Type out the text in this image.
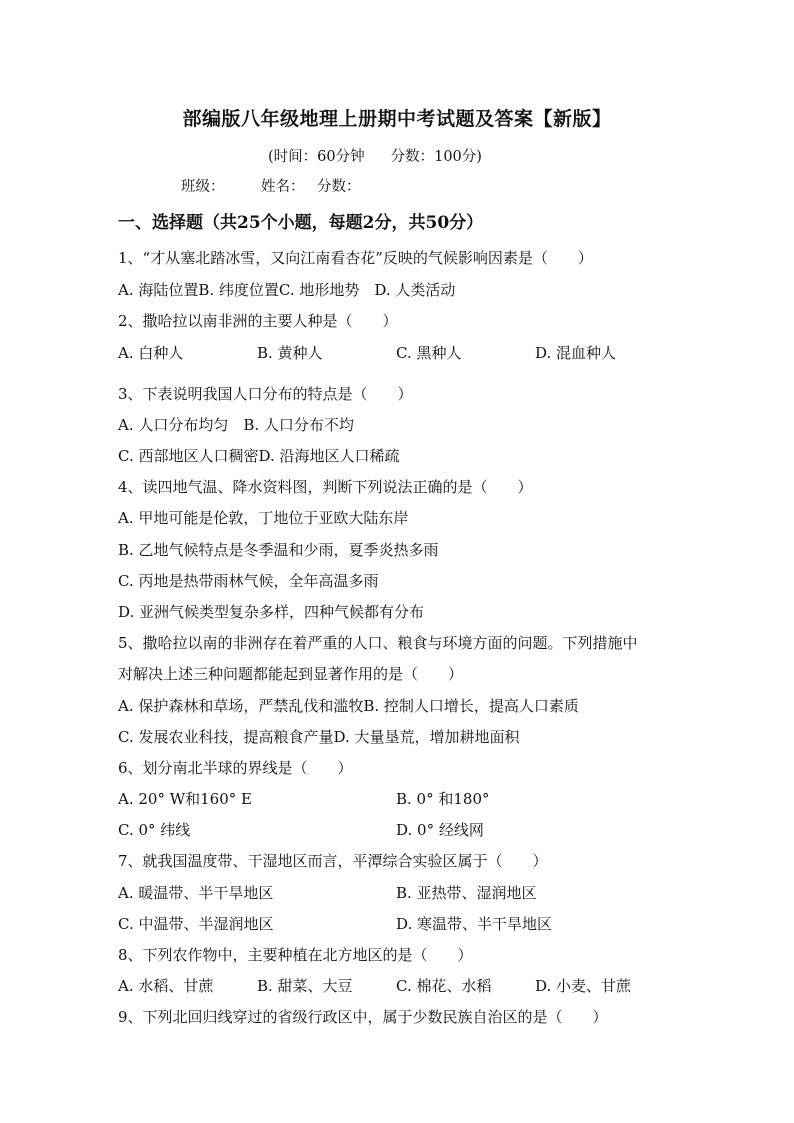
部编版八年级地理上册期中考试题及答案【新版】
(时间：60分钟 分数：100分)
班级：	姓名： 分数：
一、选择题（共25个小题，每题2分，共50分）
1、“才从塞北踏冰雪，又向江南看杏花”反映的气候影响因素是（　　）
A. 海陆位置B. 纬度位置C. 地形地势　D. 人类活动
2、撒哈拉以南非洲的主要人种是（　　）
A. 白种人	B. 黄种人	C. 黑种人	D. 混血种人
3、下表说明我国人口分布的特点是（　　）
A. 人口分布均匀　B. 人口分布不均
C. 西部地区人口稠密D. 沿海地区人口稀疏
4、读四地气温、降水资料图，判断下列说法正确的是（　　）
A. 甲地可能是伦敦，丁地位于亚欧大陆东岸
B. 乙地气候特点是冬季温和少雨，夏季炎热多雨
C. 丙地是热带雨林气候，全年高温多雨
D. 亚洲气候类型复杂多样，四种气候都有分布
5、撒哈拉以南的非洲存在着严重的人口、粮食与环境方面的问题。下列措施中
对解决上述三种问题都能起到显著作用的是（　　）
A. 保护森林和草场，严禁乱伐和滥牧B. 控制人口增长，提高人口素质
C. 发展农业科技，提高粮食产量D. 大量垦荒，增加耕地面积
6、划分南北半球的界线是（　　）
A. 20° W和160° E	B. 0° 和180°
C. 0° 纬线	D. 0° 经线网
7、就我国温度带、干湿地区而言，平潭综合实验区属于（　　）
A. 暖温带、半干旱地区	B. 亚热带、湿润地区
C. 中温带、半湿润地区	D. 寒温带、半干旱地区
8、下列农作物中，主要种植在北方地区的是（　　）
A. 水稻、甘蔗	B. 甜菜、大豆	C. 棉花、水稻	D. 小麦、甘蔗
9、下列北回归线穿过的省级行政区中，属于少数民族自治区的是（　　）
